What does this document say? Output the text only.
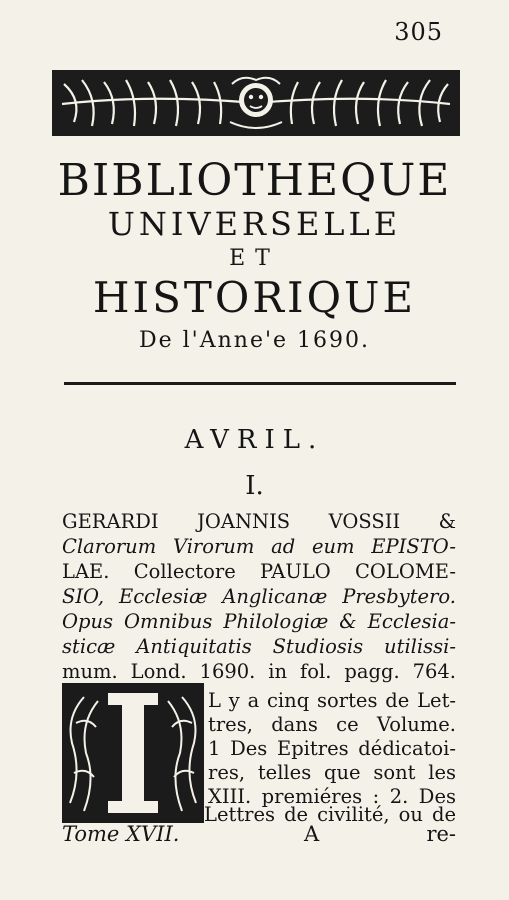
305
BIBLIOTHEQUE
UNIVERSELLE
ET
HISTORIQUE
De l'Anne'e 1690.
AVRIL.
I.
GERARDI JOANNIS VOSSII &
Clarorum Virorum ad eum EPISTO-
LAE. Collectore PAULO COLOME-
SIO, Ecclesiæ Anglicanæ Presbytero.
Opus Omnibus Philologiæ & Ecclesia-
sticæ Antiquitatis Studiosis utilissi-
mum. Lond. 1690. in fol. pagg. 764.
L y a cinq sortes de Let-
tres, dans ce Volume.
1 Des Epitres dédicatoi-
res, telles que sont les
XIII. premiéres : 2. Des
Lettres de civilité, ou de
Tome XVII.	A	re-
